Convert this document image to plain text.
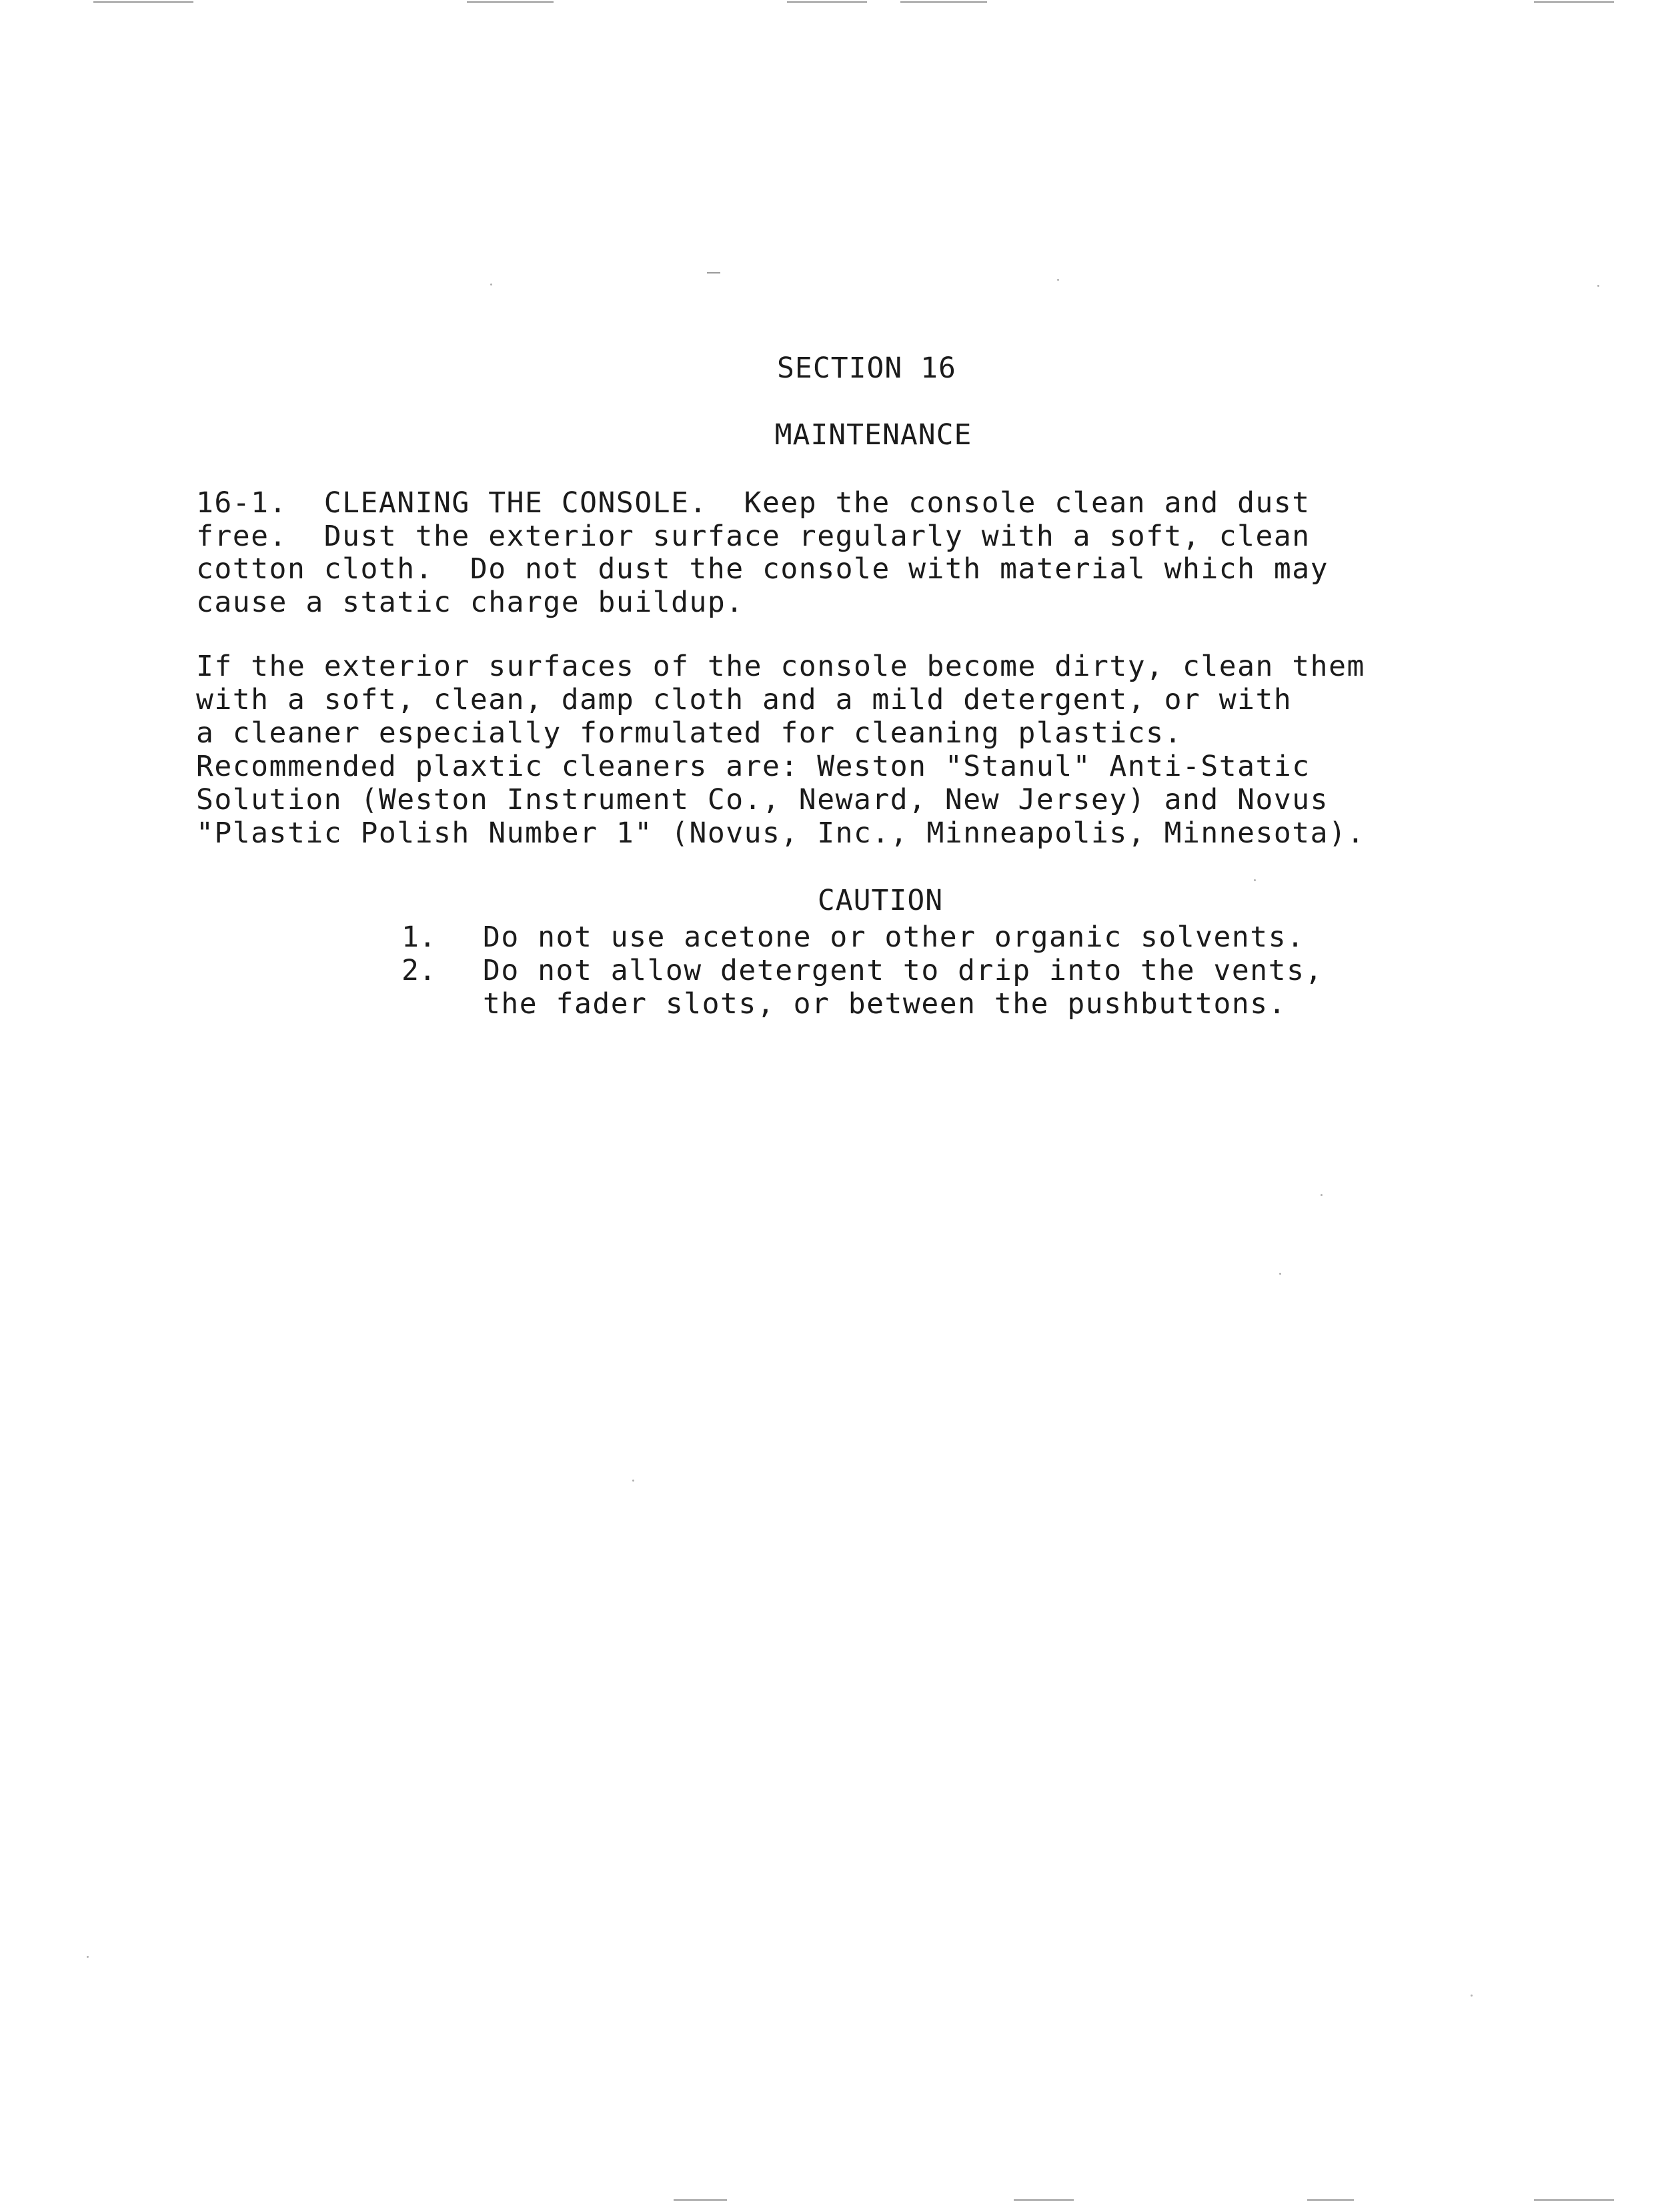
SECTION 16
MAINTENANCE
16-1.  CLEANING THE CONSOLE.  Keep the console clean and dust
free.  Dust the exterior surface regularly with a soft, clean
cotton cloth.  Do not dust the console with material which may
cause a static charge buildup.
If the exterior surfaces of the console become dirty, clean them
with a soft, clean, damp cloth and a mild detergent, or with
a cleaner especially formulated for cleaning plastics.
Recommended plaxtic cleaners are: Weston "Stanul" Anti-Static
Solution (Weston Instrument Co., Neward, New Jersey) and Novus
"Plastic Polish Number 1" (Novus, Inc., Minneapolis, Minnesota).
CAUTION
1. Do not use acetone or other organic solvents.
2. Do not allow detergent to drip into the vents,
the fader slots, or between the pushbuttons.
